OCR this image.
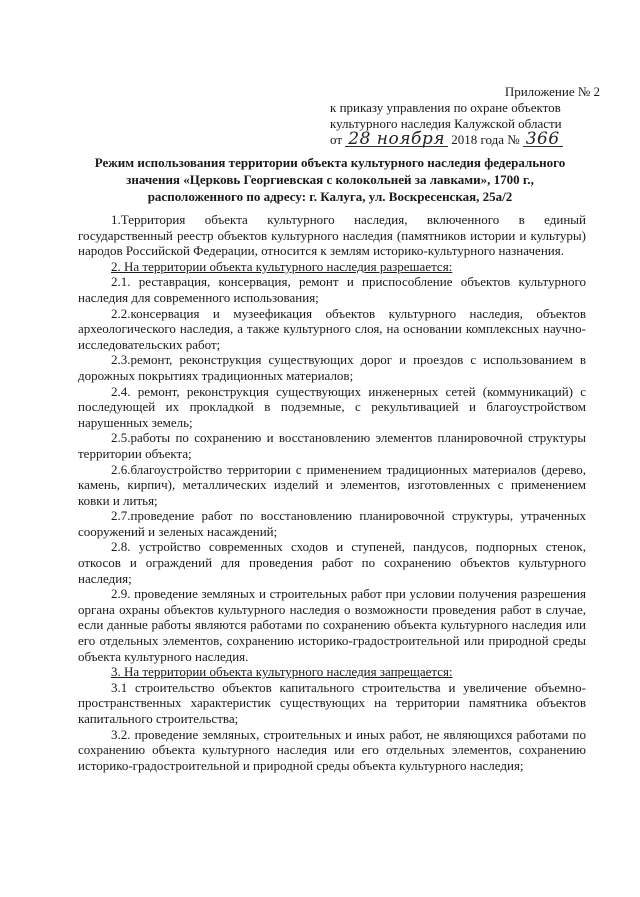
Приложение № 2
к приказу управления по охране объектов
культурного наследия Калужской области
от 28 ноября 2018 года № 366
Режим использования территории объекта культурного наследия федерального
значения «Церковь Георгиевская с колокольней за лавками», 1700 г.,
расположенного по адресу: г. Калуга, ул. Воскресенская, 25а/2

1.Территория объекта культурного наследия, включенного в единый государственный реестр объектов культурного наследия (памятников истории и культуры) народов Российской Федерации, относится к землям историко-культурного назначения.

2. На территории объекта культурного наследия разрешается:

2.1. реставрация, консервация, ремонт и приспособление объектов культурного наследия для современного использования;

2.2.консервация и музеефикация объектов культурного наследия, объектов археологического наследия, а также культурного слоя, на основании комплексных научно-исследовательских работ;

2.3.ремонт, реконструкция существующих дорог и проездов с использованием в дорожных покрытиях традиционных материалов;

2.4. ремонт, реконструкция существующих инженерных сетей (коммуникаций) с последующей их прокладкой в подземные, с рекультивацией и благоустройством нарушенных земель;

2.5.работы по сохранению и восстановлению элементов планировочной структуры территории объекта;

2.6.благоустройство территории с применением традиционных материалов (дерево, камень, кирпич), металлических изделий и элементов, изготовленных с применением ковки и литья;

2.7.проведение работ по восстановлению планировочной структуры, утраченных сооружений и зеленых насаждений;

2.8. устройство современных сходов и ступеней, пандусов, подпорных стенок, откосов и ограждений для проведения работ по сохранению объектов культурного наследия;

2.9. проведение земляных и строительных работ при условии получения разрешения органа охраны объектов культурного наследия о возможности проведения работ в случае, если данные работы являются работами по сохранению объекта культурного наследия или его отдельных элементов, сохранению историко-градостроительной или природной среды объекта культурного наследия.

3. На территории объекта культурного наследия запрещается:

3.1 строительство объектов капитального строительства и увеличение объемно-пространственных характеристик существующих на территории памятника объектов капитального строительства;

3.2. проведение земляных, строительных и иных работ, не являющихся работами по сохранению объекта культурного наследия или его отдельных элементов, сохранению историко-градостроительной и природной среды объекта культурного наследия;
